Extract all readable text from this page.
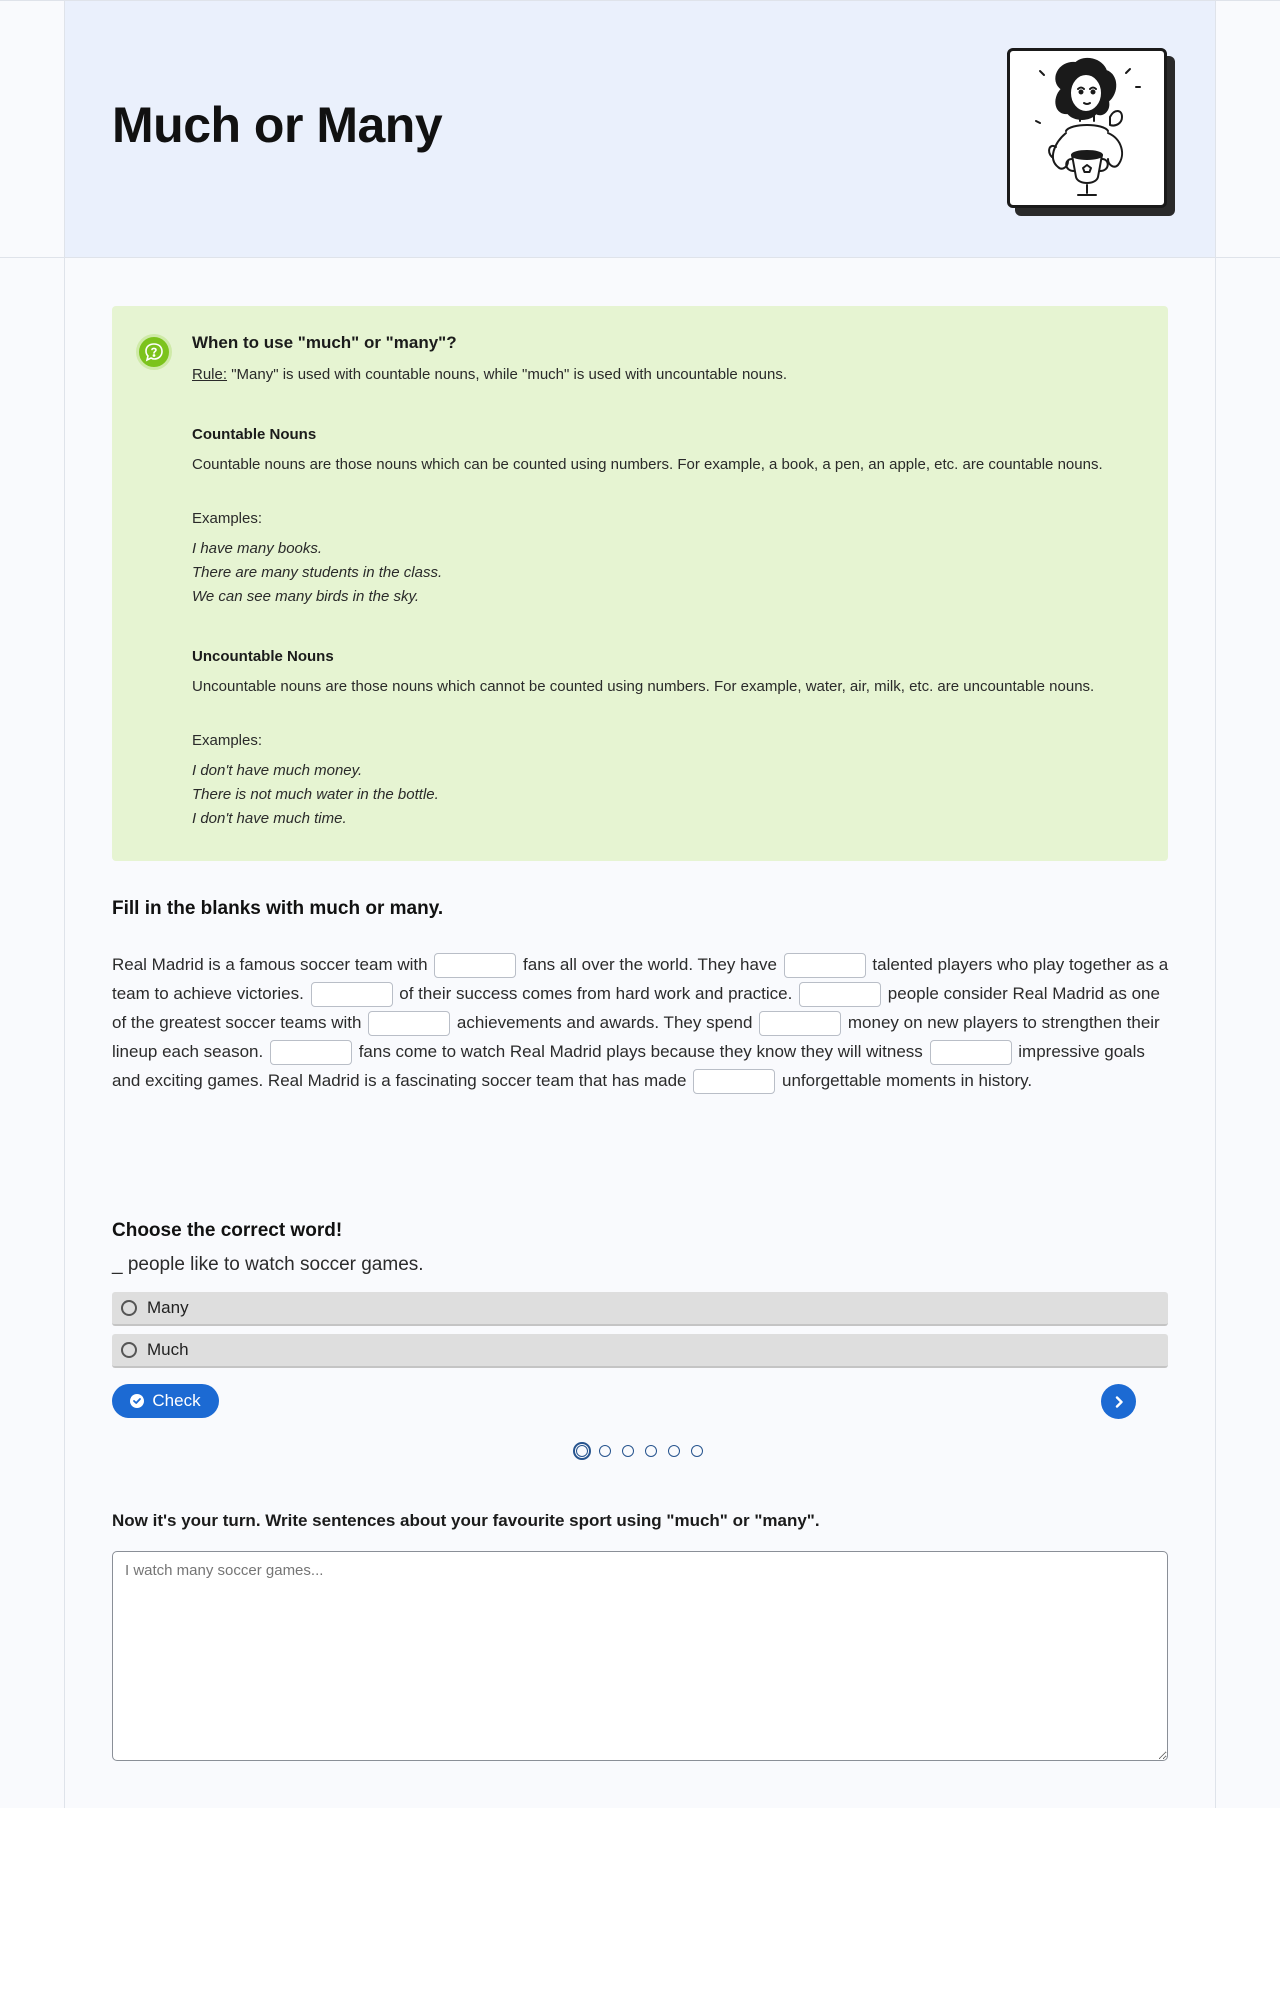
Much or Many
When to use "much" or "many"?
Rule: "Many" is used with countable nouns, while "much" is used with uncountable nouns.
Countable Nouns
Countable nouns are those nouns which can be counted using numbers. For example, a book, a pen, an apple, etc. are countable nouns.
Examples:
I have many books.
There are many students in the class.
We can see many birds in the sky.
Uncountable Nouns
Uncountable nouns are those nouns which cannot be counted using numbers. For example, water, air, milk, etc. are uncountable nouns.
Examples:
I don't have much money.
There is not much water in the bottle.
I don't have much time.
Fill in the blanks with much or many.
Real Madrid is a famous soccer team with	fans all over the world. They have	talented players who play together as a team to achieve victories.	of their success comes from hard work and practice.	people consider Real Madrid as one of the greatest soccer teams with	achievements and awards. They spend	money on new players to strengthen their lineup each season.	fans come to watch Real Madrid plays because they know they will witness	impressive goals and exciting games. Real Madrid is a fascinating soccer team that has made	unforgettable moments in history.
Choose the correct word!
_ people like to watch soccer games.
Many
Much
Check
Now it's your turn. Write sentences about your favourite sport using "much" or "many".
I watch many soccer games...
